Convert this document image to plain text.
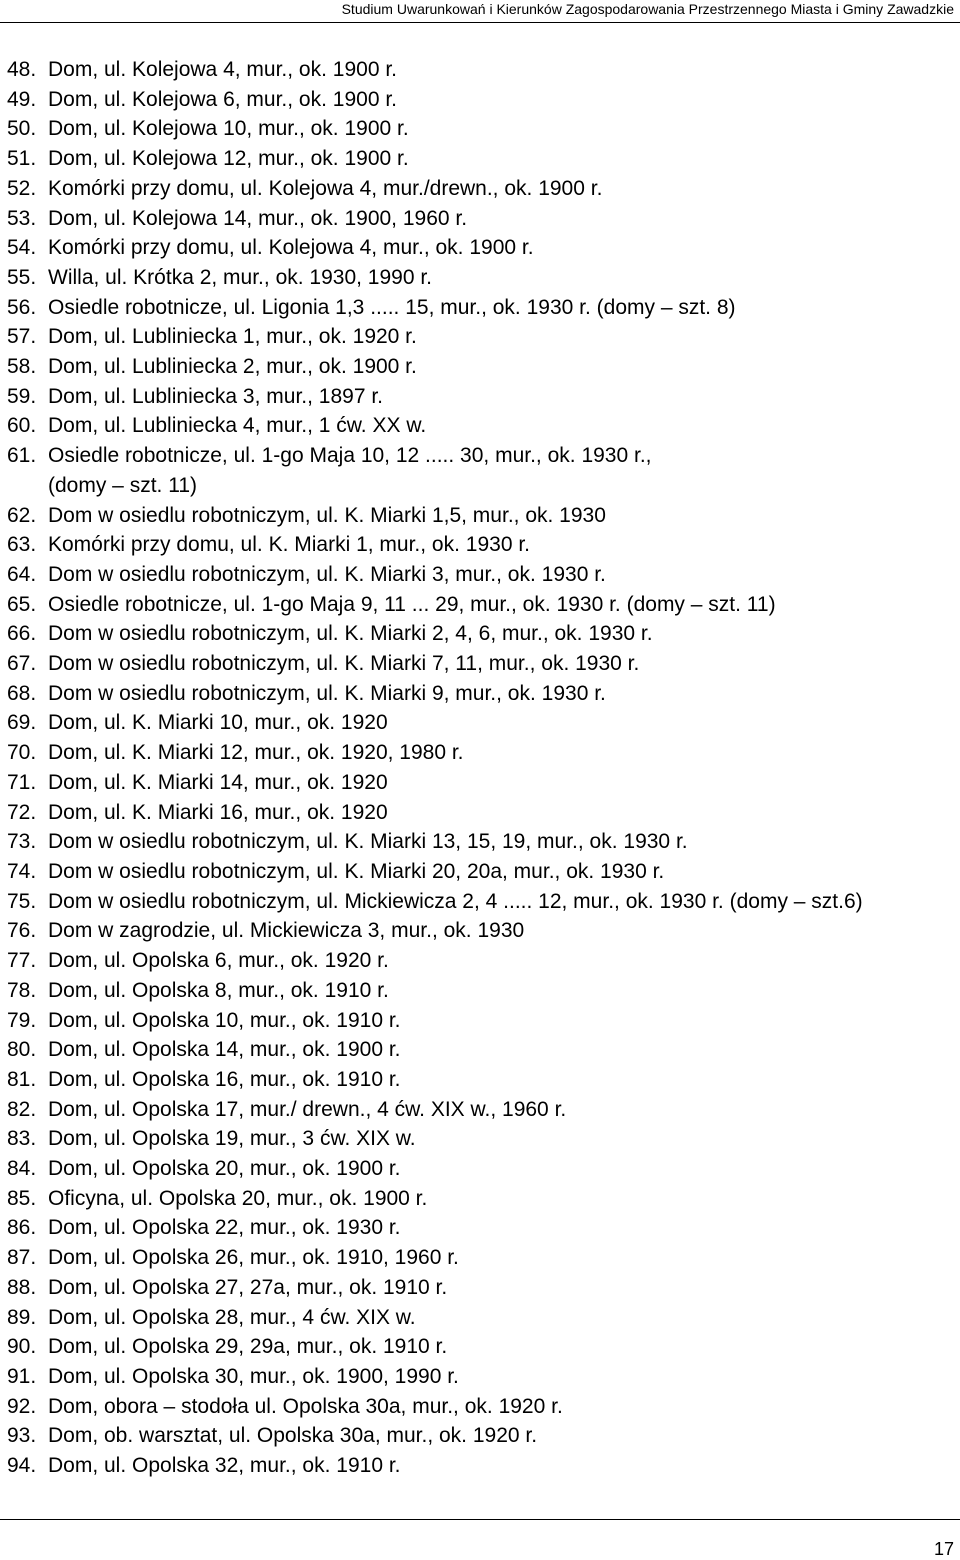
Studium Uwarunkowań i Kierunków Zagospodarowania Przestrzennego Miasta i Gminy Zawadzkie
48. Dom, ul. Kolejowa 4, mur., ok. 1900 r.
49. Dom, ul. Kolejowa 6, mur., ok. 1900 r.
50. Dom, ul. Kolejowa 10, mur., ok. 1900 r.
51. Dom, ul. Kolejowa 12, mur., ok. 1900 r.
52. Komórki przy domu, ul. Kolejowa 4, mur./drewn., ok. 1900 r.
53. Dom, ul. Kolejowa 14, mur., ok. 1900, 1960 r.
54. Komórki przy domu, ul. Kolejowa 4, mur., ok. 1900 r.
55. Willa, ul. Krótka 2, mur., ok. 1930, 1990 r.
56. Osiedle robotnicze, ul. Ligonia 1,3 ..... 15, mur., ok. 1930 r. (domy – szt. 8)
57. Dom, ul. Lubliniecka 1, mur., ok. 1920 r.
58. Dom, ul. Lubliniecka 2, mur., ok. 1900 r.
59. Dom, ul. Lubliniecka 3, mur., 1897 r.
60. Dom, ul. Lubliniecka 4, mur., 1 ćw. XX w.
61. Osiedle robotnicze, ul. 1-go Maja 10, 12 ..... 30, mur., ok. 1930 r.,
(domy – szt. 11)
62. Dom w osiedlu robotniczym, ul. K. Miarki 1,5, mur., ok. 1930
63. Komórki przy domu, ul. K. Miarki 1, mur., ok. 1930 r.
64. Dom w osiedlu robotniczym, ul. K. Miarki 3, mur., ok. 1930 r.
65. Osiedle robotnicze, ul. 1-go Maja 9, 11 ... 29, mur., ok. 1930 r. (domy – szt. 11)
66. Dom w osiedlu robotniczym, ul. K. Miarki 2, 4, 6, mur., ok. 1930 r.
67. Dom w osiedlu robotniczym, ul. K. Miarki 7, 11, mur., ok. 1930 r.
68. Dom w osiedlu robotniczym, ul. K. Miarki 9, mur., ok. 1930 r.
69. Dom, ul. K. Miarki 10, mur., ok. 1920
70. Dom, ul. K. Miarki 12, mur., ok. 1920, 1980 r.
71. Dom, ul. K. Miarki 14, mur., ok. 1920
72. Dom, ul. K. Miarki 16, mur., ok. 1920
73. Dom w osiedlu robotniczym, ul. K. Miarki 13, 15, 19, mur., ok. 1930 r.
74. Dom w osiedlu robotniczym, ul. K. Miarki 20, 20a, mur., ok. 1930 r.
75. Dom w osiedlu robotniczym, ul. Mickiewicza 2, 4 ..... 12, mur., ok. 1930 r. (domy – szt.6)
76. Dom w zagrodzie, ul. Mickiewicza 3, mur., ok. 1930
77. Dom, ul. Opolska 6, mur., ok. 1920 r.
78. Dom, ul. Opolska 8, mur., ok. 1910 r.
79. Dom, ul. Opolska 10, mur., ok. 1910 r.
80. Dom, ul. Opolska 14, mur., ok. 1900 r.
81. Dom, ul. Opolska 16, mur., ok. 1910 r.
82. Dom, ul. Opolska 17, mur./ drewn., 4 ćw. XIX w., 1960 r.
83. Dom, ul. Opolska 19, mur., 3 ćw. XIX w.
84. Dom, ul. Opolska 20, mur., ok. 1900 r.
85. Oficyna, ul. Opolska 20, mur., ok. 1900 r.
86. Dom, ul. Opolska 22, mur., ok. 1930 r.
87. Dom, ul. Opolska 26, mur., ok. 1910, 1960 r.
88. Dom, ul. Opolska 27, 27a, mur., ok. 1910 r.
89. Dom, ul. Opolska 28, mur., 4 ćw. XIX w.
90. Dom, ul. Opolska 29, 29a, mur., ok. 1910 r.
91. Dom, ul. Opolska 30, mur., ok. 1900, 1990 r.
92. Dom, obora – stodoła ul. Opolska 30a, mur., ok. 1920 r.
93. Dom, ob. warsztat, ul. Opolska 30a, mur., ok. 1920 r.
94. Dom, ul. Opolska 32, mur., ok. 1910 r.
17
